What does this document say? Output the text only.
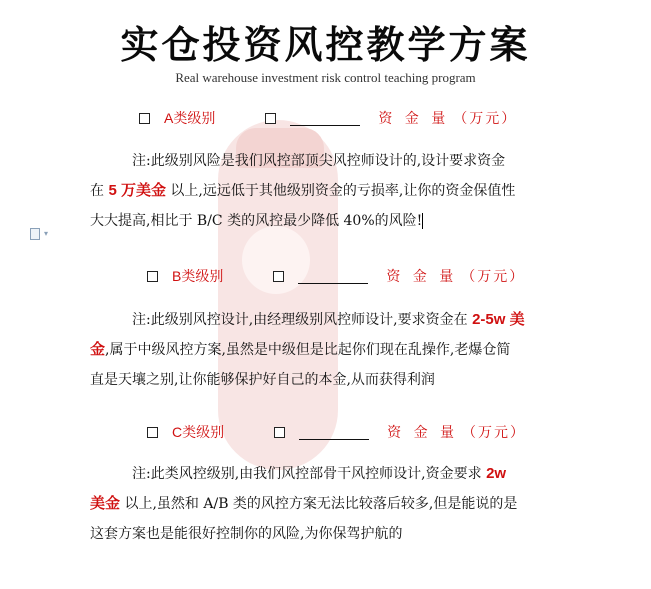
实仓投资风控教学方案
Real warehouse investment risk control teaching program
▾
A类级别	资 金 量 （万元）
注:此级别风险是我们风控部顶尖风控师设计的,设计要求资金
在 5 万美金 以上,远远低于其他级别资金的亏损率,让你的资金保值性
大大提高,相比于 B/C 类的风控最少降低 40%的风险!
B类级别	资 金 量 （万元）
注:此级别风控设计,由经理级别风控师设计,要求资金在 2-5w 美
金,属于中级风控方案,虽然是中级但是比起你们现在乱操作,老爆仓简
直是天壤之别,让你能够保护好自己的本金,从而获得利润
C类级别	资 金 量 （万元）
注:此类风控级别,由我们风控部骨干风控师设计,资金要求 2w
美金 以上,虽然和 A/B 类的风控方案无法比较落后较多,但是能说的是
这套方案也是能很好控制你的风险,为你保驾护航的
